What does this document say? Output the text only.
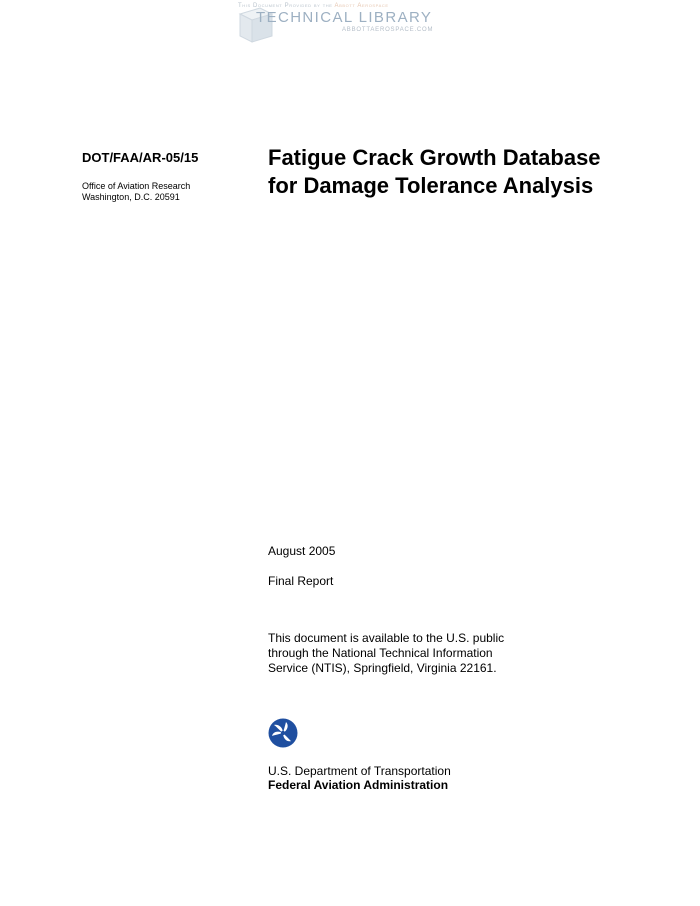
This Document Provided by the Abbott Aerospace
TECHNICAL LIBRARY
ABBOTTAEROSPACE.COM
DOT/FAA/AR-05/15
Office of Aviation Research
Washington, D.C. 20591
Fatigue Crack Growth Database
for Damage Tolerance Analysis
August 2005
Final Report
This document is available to the U.S. public
through the National Technical Information
Service (NTIS), Springfield, Virginia 22161.
U.S. Department of Transportation
Federal Aviation Administration
